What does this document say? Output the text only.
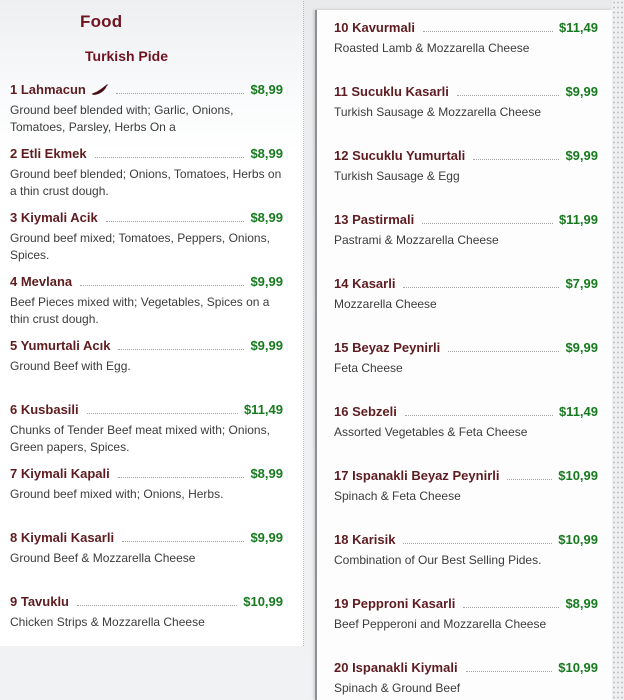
Food
Turkish Pide
1 Lahmacun	$8,99
Ground beef blended with; Garlic, Onions, Tomatoes, Parsley, Herbs On a
2 Etli Ekmek	$8,99
Ground beef blended; Onions, Tomatoes, Herbs on a thin crust dough.
3 Kiymali Acik	$8,99
Ground beef mixed; Tomatoes, Peppers, Onions, Spices.
4 Mevlana	$9,99
Beef Pieces mixed with; Vegetables, Spices on a thin crust dough.
5 Yumurtali Acık	$9,99
Ground Beef with Egg.
6 Kusbasili	$11,49
Chunks of Tender Beef meat mixed with; Onions, Green papers, Spices.
7 Kiymali Kapali	$8,99
Ground beef mixed with; Onions, Herbs.
8 Kiymali Kasarli	$9,99
Ground Beef & Mozzarella Cheese
9 Tavuklu	$10,99
Chicken Strips & Mozzarella Cheese
10 Kavurmali	$11,49
Roasted Lamb & Mozzarella Cheese
11 Sucuklu Kasarli	$9,99
Turkish Sausage & Mozzarella Cheese
12 Sucuklu Yumurtali	$9,99
Turkish Sausage & Egg
13 Pastirmali	$11,99
Pastrami & Mozzarella Cheese
14 Kasarli	$7,99
Mozzarella Cheese
15 Beyaz Peynirli	$9,99
Feta Cheese
16 Sebzeli	$11,49
Assorted Vegetables & Feta Cheese
17 Ispanakli Beyaz Peynirli	$10,99
Spinach & Feta Cheese
18 Karisik	$10,99
Combination of Our Best Selling Pides.
19 Pepproni Kasarli	$8,99
Beef Pepperoni and Mozzarella Cheese
20 Ispanakli Kiymali	$10,99
Spinach & Ground Beef
